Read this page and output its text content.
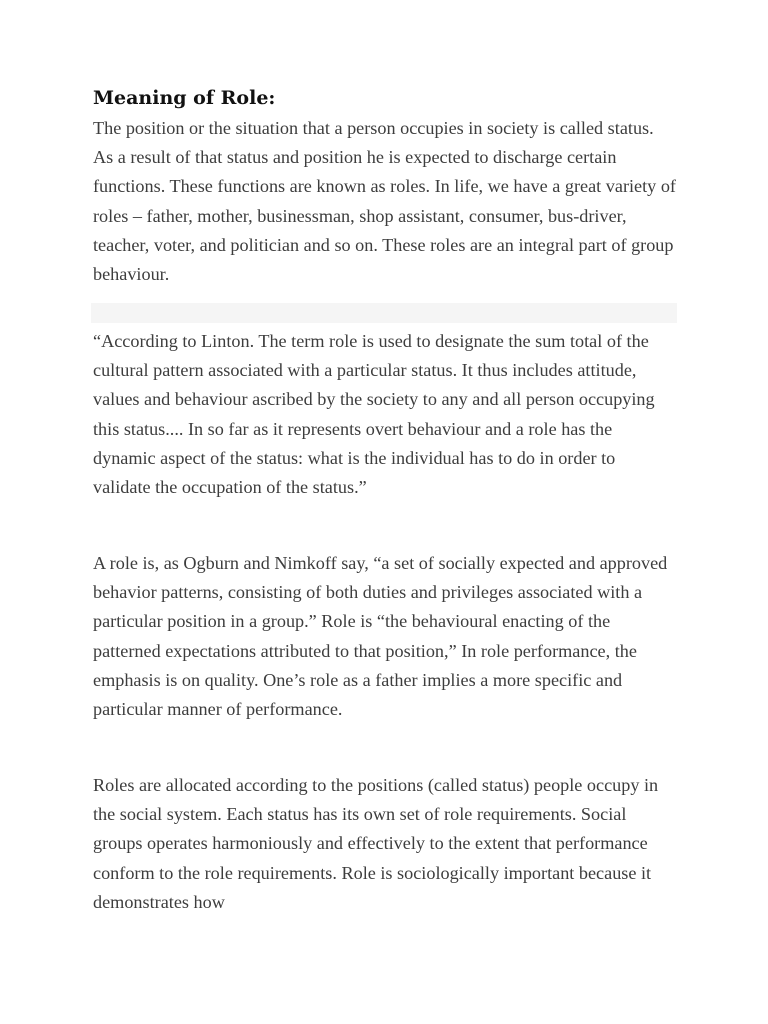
Meaning of Role:

The position or the situation that a person occupies in society is called status. As a result of that status and position he is expected to discharge certain functions. These functions are known as roles. In life, we have a great variety of roles – father, mother, businessman, shop assistant, consumer, bus-driver, teacher, voter, and politician and so on. These roles are an integral part of group behaviour.

“According to Linton. The term role is used to designate the sum total of the cultural pattern associated with a particular status. It thus includes attitude, values and behaviour ascribed by the society to any and all person occupying this status.... In so far as it represents overt behaviour and a role has the dynamic aspect of the status: what is the individual has to do in order to validate the occupation of the status.”

A role is, as Ogburn and Nimkoff say, “a set of socially expected and approved behavior patterns, consisting of both duties and privileges associated with a particular position in a group.” Role is “the behavioural enacting of the patterned expectations attributed to that position,” In role performance, the emphasis is on quality. One’s role as a father implies a more specific and particular manner of performance.

Roles are allocated according to the positions (called status) people occupy in the social system. Each status has its own set of role requirements. Social groups operates harmoniously and effectively to the extent that performance conform to the role requirements. Role is sociologically important because it demonstrates how
